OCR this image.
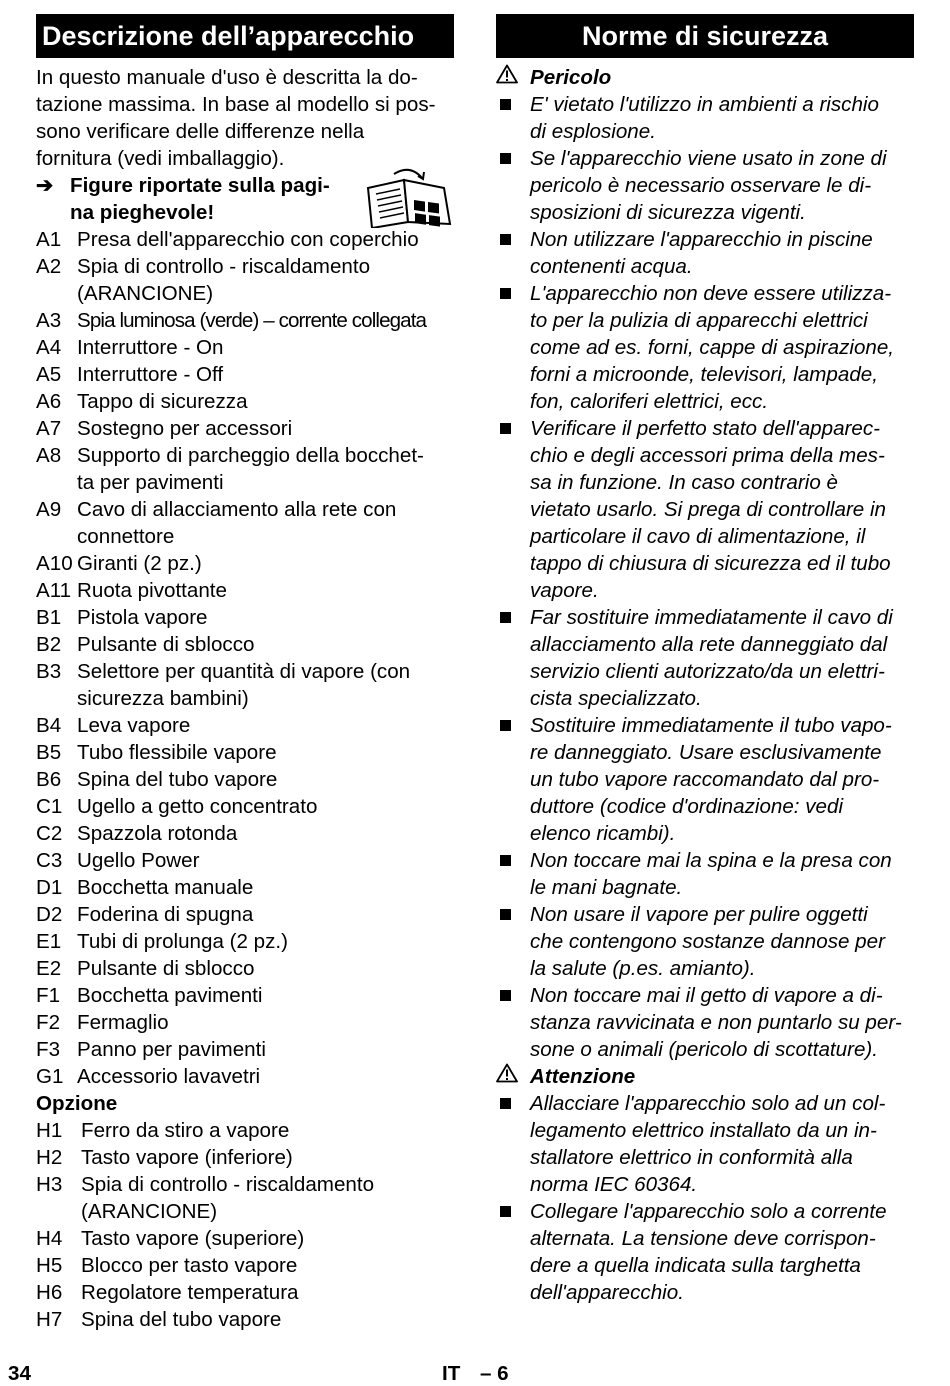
Descrizione dell’apparecchio
In questo manuale d'uso è descritta la do-
tazione massima. In base al modello si pos-
sono verificare delle differenze nella
fornitura (vedi imballaggio).
➔ Figure riportate sulla pagi-
na pieghevole!
A1 Presa dell'apparecchio con coperchio
A2 Spia di controllo - riscaldamento
(ARANCIONE)
A3 Spia luminosa (verde) – corrente collegata
A4 Interruttore - On
A5 Interruttore - Off
A6 Tappo di sicurezza
A7 Sostegno per accessori
A8 Supporto di parcheggio della bocchet-
ta per pavimenti
A9 Cavo di allacciamento alla rete con
connettore
A10 Giranti (2 pz.)
A11 Ruota pivottante
B1 Pistola vapore
B2 Pulsante di sblocco
B3 Selettore per quantità di vapore (con
sicurezza bambini)
B4 Leva vapore
B5 Tubo flessibile vapore
B6 Spina del tubo vapore
C1 Ugello a getto concentrato
C2 Spazzola rotonda
C3 Ugello Power
D1 Bocchetta manuale
D2 Foderina di spugna
E1 Tubi di prolunga (2 pz.)
E2 Pulsante di sblocco
F1 Bocchetta pavimenti
F2 Fermaglio
F3 Panno per pavimenti
G1 Accessorio lavavetri
Opzione
H1 Ferro da stiro a vapore
H2 Tasto vapore (inferiore)
H3 Spia di controllo - riscaldamento
(ARANCIONE)
H4 Tasto vapore (superiore)
H5 Blocco per tasto vapore
H6 Regolatore temperatura
H7 Spina del tubo vapore
Norme di sicurezza
Pericolo
E' vietato l'utilizzo in ambienti a rischio
di esplosione.
Se l'apparecchio viene usato in zone di
pericolo è necessario osservare le di-
sposizioni di sicurezza vigenti.
Non utilizzare l'apparecchio in piscine
contenenti acqua.
L'apparecchio non deve essere utilizza-
to per la pulizia di apparecchi elettrici
come ad es. forni, cappe di aspirazione,
forni a microonde, televisori, lampade,
fon, caloriferi elettrici, ecc.
Verificare il perfetto stato dell'apparec-
chio e degli accessori prima della mes-
sa in funzione. In caso contrario è
vietato usarlo. Si prega di controllare in
particolare il cavo di alimentazione, il
tappo di chiusura di sicurezza ed il tubo
vapore.
Far sostituire immediatamente il cavo di
allacciamento alla rete danneggiato dal
servizio clienti autorizzato/da un elettri-
cista specializzato.
Sostituire immediatamente il tubo vapo-
re danneggiato. Usare esclusivamente
un tubo vapore raccomandato dal pro-
duttore (codice d'ordinazione: vedi
elenco ricambi).
Non toccare mai la spina e la presa con
le mani bagnate.
Non usare il vapore per pulire oggetti
che contengono sostanze dannose per
la salute (p.es. amianto).
Non toccare mai il getto di vapore a di-
stanza ravvicinata e non puntarlo su per-
sone o animali (pericolo di scottature).
Attenzione
Allacciare l'apparecchio solo ad un col-
legamento elettrico installato da un in-
stallatore elettrico in conformità alla
norma IEC 60364.
Collegare l'apparecchio solo a corrente
alternata. La tensione deve corrispon-
dere a quella indicata sulla targhetta
dell'apparecchio.
34	IT – 6
